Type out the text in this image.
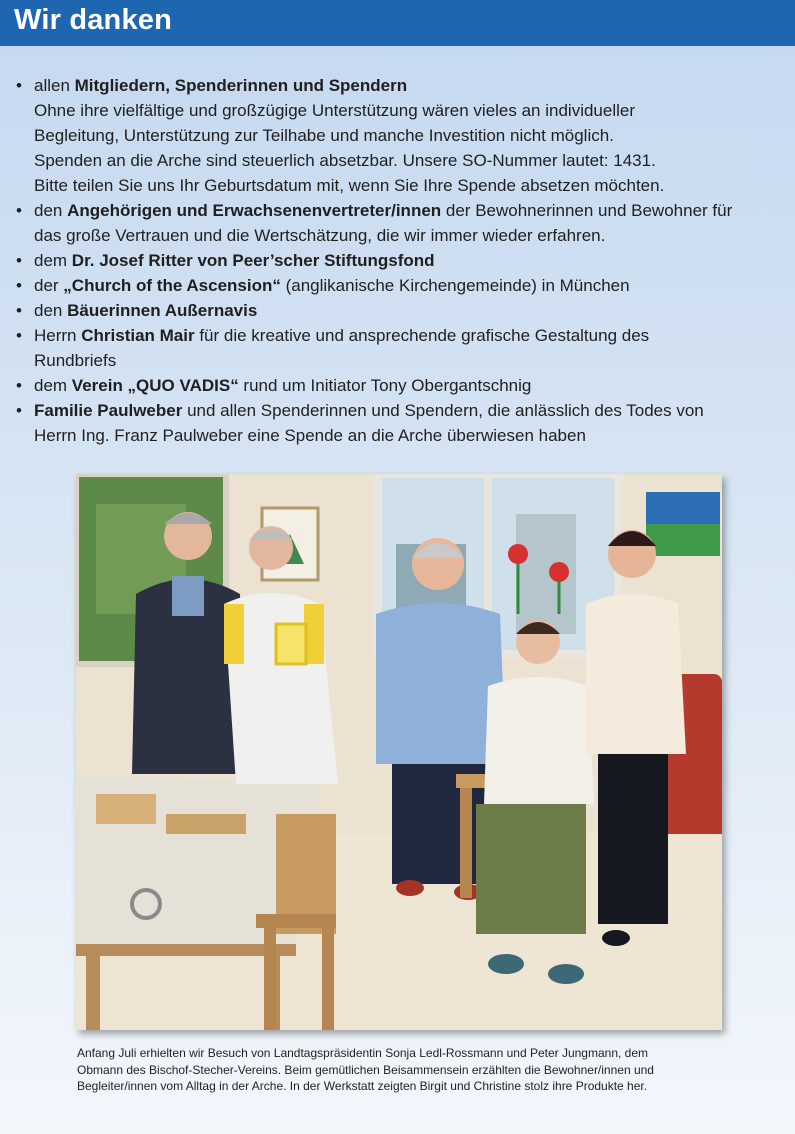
Wir danken
• allen Mitgliedern, Spenderinnen und Spendern
Ohne ihre vielfältige und großzügige Unterstützung wären vieles an individueller
Begleitung, Unterstützung zur Teilhabe und manche Investition nicht möglich.
Spenden an die Arche sind steuerlich absetzbar. Unsere SO-Nummer lautet: 1431.
Bitte teilen Sie uns Ihr Geburtsdatum mit, wenn Sie Ihre Spende absetzen möchten.
• den Angehörigen und Erwachsenenvertreter/innen der Bewohnerinnen und Bewohner für
das große Vertrauen und die Wertschätzung, die wir immer wieder erfahren.
• dem Dr. Josef Ritter von Peer’scher Stiftungsfond
• der „Church of the Ascension“ (anglikanische Kirchengemeinde) in München
• den Bäuerinnen Außernavis
• Herrn Christian Mair für die kreative und ansprechende grafische Gestaltung des
Rundbriefs
• dem Verein „QUO VADIS“ rund um Initiator Tony Obergantschnig
• Familie Paulweber und allen Spenderinnen und Spendern, die anlässlich des Todes von
Herrn Ing. Franz Paulweber eine Spende an die Arche überwiesen haben
Anfang Juli erhielten wir Besuch von Landtagspräsidentin Sonja Ledl-Rossmann und Peter Jungmann, dem
Obmann des Bischof-Stecher-Vereins. Beim gemütlichen Beisammensein erzählten die Bewohner/innen und
Begleiter/innen vom Alltag in der Arche. In der Werkstatt zeigten Birgit und Christine stolz ihre Produkte her.
